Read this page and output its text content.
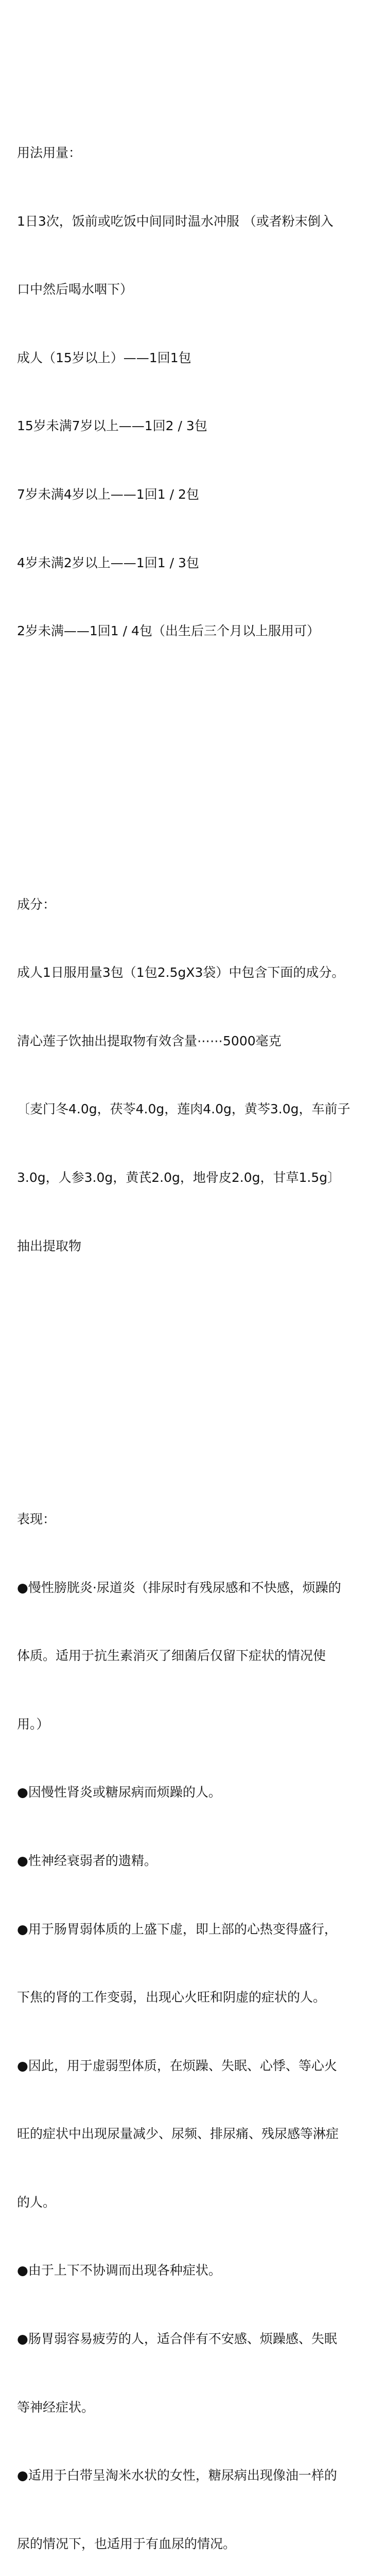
用法用量：

1日3次，饭前或吃饭中间同时温水冲服 （或者粉末倒入

口中然后喝水咽下）

成人（15岁以上）——1回1包

15岁未满7岁以上——1回2 / 3包

7岁未满4岁以上——1回1 / 2包

4岁未满2岁以上——1回1 / 3包

2岁未满——1回1 / 4包（出生后三个月以上服用可）

成分：

成人1日服用量3包（1包2.5gX3袋）中包含下面的成分。

清心莲子饮抽出提取物有效含量⋯⋯5000毫克

〔麦门冬4.0g，茯苓4.0g，莲肉4.0g，黄芩3.0g，车前子

3.0g，人参3.0g，黄芪2.0g，地骨皮2.0g，甘草1.5g〕

抽出提取物

表现：

●慢性膀胱炎·尿道炎（排尿时有残尿感和不快感，烦躁的

体质。适用于抗生素消灭了细菌后仅留下症状的情况使

用。）

●因慢性肾炎或糖尿病而烦躁的人。

●性神经衰弱者的遗精。

●用于肠胃弱体质的上盛下虚，即上部的心热变得盛行，

下焦的肾的工作变弱，出现心火旺和阴虚的症状的人。

●因此，用于虚弱型体质，在烦躁、失眠、心悸、等心火

旺的症状中出现尿量减少、尿频、排尿痛、残尿感等淋症

的人。

●由于上下不协调而出现各种症状。

●肠胃弱容易疲劳的人，适合伴有不安感、烦躁感、失眠

等神经症状。

●适用于白带呈淘米水状的女性，糖尿病出现像油一样的

尿的情况下，也适用于有血尿的情况。
